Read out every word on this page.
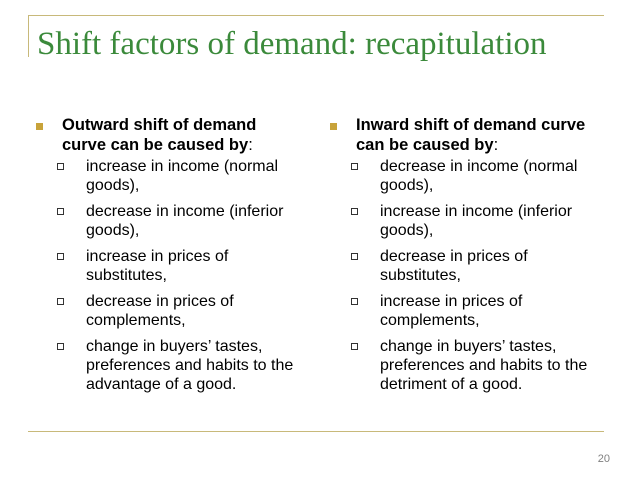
Shift factors of demand: recapitulation
Outward shift of demand curve can be caused by:
increase in income (normal goods),
decrease in income (inferior goods),
increase in prices of substitutes,
decrease in prices of complements,
change in buyers’ tastes, preferences and habits to the advantage of a good.
Inward shift of demand curve can be caused by:
decrease in income (normal goods),
increase in income (inferior goods),
decrease in prices of substitutes,
increase in prices of complements,
change in buyers’ tastes, preferences and habits to the detriment of a good.
20
